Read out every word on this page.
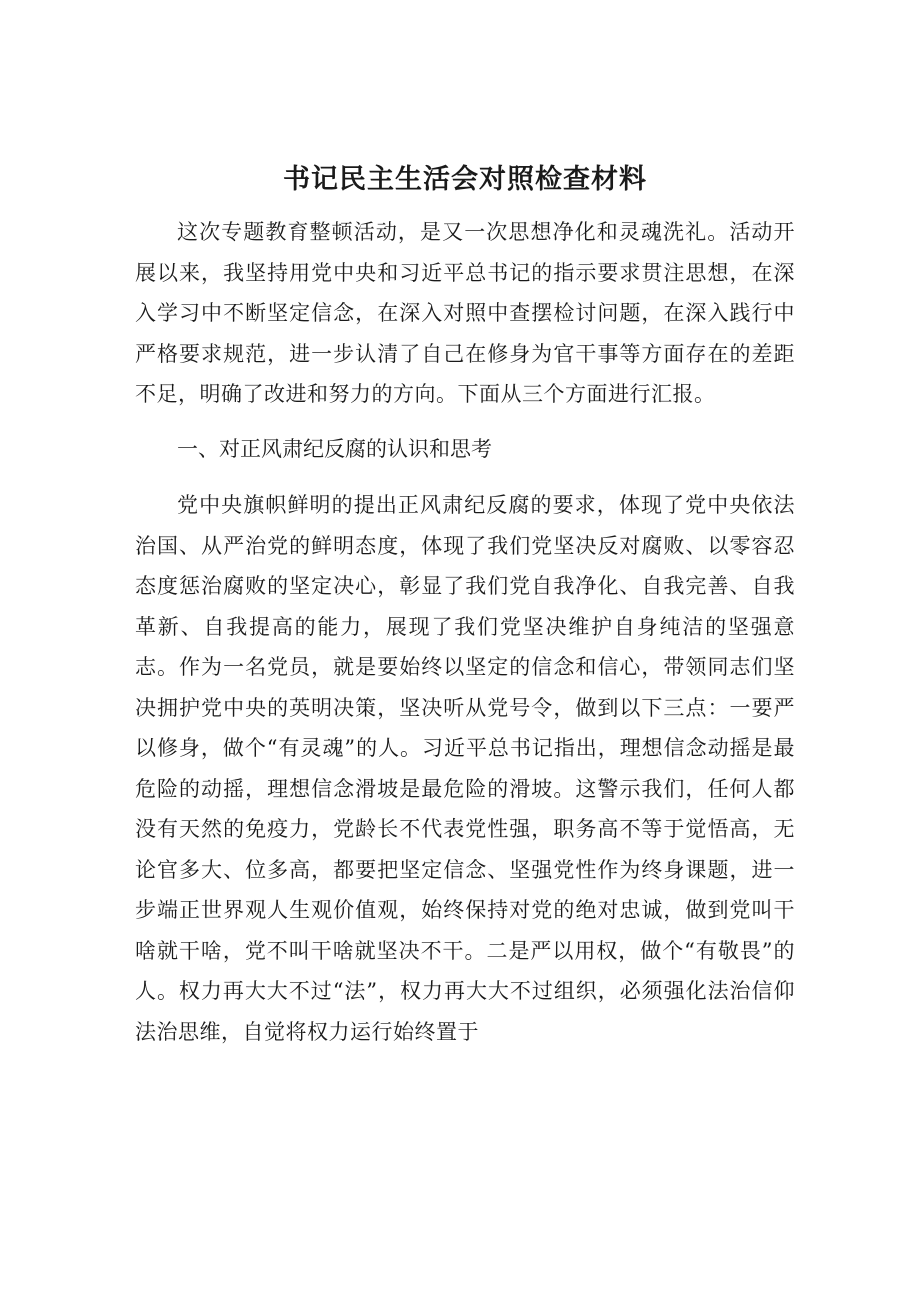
书记民主生活会对照检查材料

这次专题教育整顿活动，是又一次思想净化和灵魂洗礼。活动开展以来，我坚持用党中央和习近平总书记的指示要求贯注思想，在深入学习中不断坚定信念，在深入对照中查摆检讨问题，在深入践行中严格要求规范，进一步认清了自己在修身为官干事等方面存在的差距不足，明确了改进和努力的方向。下面从三个方面进行汇报。

一、对正风肃纪反腐的认识和思考

党中央旗帜鲜明的提出正风肃纪反腐的要求，体现了党中央依法治国、从严治党的鲜明态度，体现了我们党坚决反对腐败、以零容忍态度惩治腐败的坚定决心，彰显了我们党自我净化、自我完善、自我革新、自我提高的能力，展现了我们党坚决维护自身纯洁的坚强意志。作为一名党员，就是要始终以坚定的信念和信心，带领同志们坚决拥护党中央的英明决策，坚决听从党号令，做到以下三点：一要严以修身，做个“有灵魂”的人。习近平总书记指出，理想信念动摇是最危险的动摇，理想信念滑坡是最危险的滑坡。这警示我们，任何人都没有天然的免疫力，党龄长不代表党性强，职务高不等于觉悟高，无论官多大、位多高，都要把坚定信念、坚强党性作为终身课题，进一步端正世界观人生观价值观，始终保持对党的绝对忠诚，做到党叫干啥就干啥，党不叫干啥就坚决不干。二是严以用权，做个“有敬畏”的人。权力再大大不过“法”，权力再大大不过组织，必须强化法治信仰法治思维，自觉将权力运行始终置于
